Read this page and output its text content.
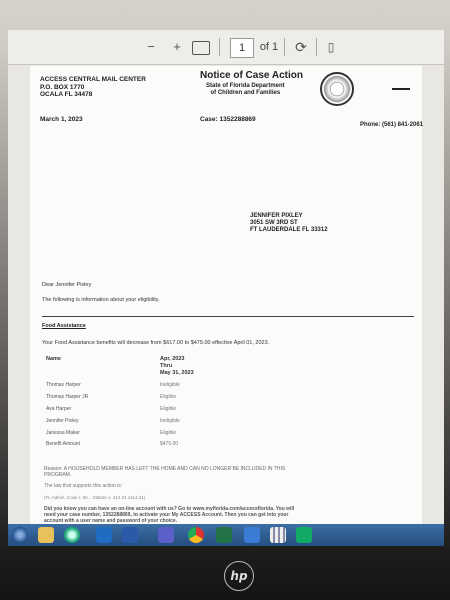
−	+	1	of 1 ⟳	▯
ACCESS CENTRAL MAIL CENTER
P.O. BOX 1770
OCALA FL 34478
Notice of Case Action
State of Florida Department
of Children and Families
March 1, 2023	Case: 1352288869
Phone: (561) 841-2061
JENNIFER PIXLEY
3051 SW 3RD ST
FT LAUDERDALE FL 33312
Dear Jennifer Pixley
The following is information about your eligibility.
Food Assistance
Your Food Assistance benefits will decrease from $617.00 to $475.00 effective April 01, 2023.
Name	Apr, 2023
Thru
May 31, 2023
Thomas Harper	Ineligible
Thomas Harper JR	Eligible
Ava Harper	Eligible
Jennifer Pixley	Ineligible
Janessa Maker	Eligible
Benefit Amount	$475.00
Reason: A HOUSEHOLD MEMBER HAS LEFT THE HOME AND CAN NO LONGER BE INCLUDED IN THIS
PROGRAM.
The law that supports this action is:
(FL Admin. Code r. 65... Statute s. 414.31 s414.31)
Did you know you can have an on-line account with us? Go to www.myflorida.com/accessflorida. You will
need your case number, 1352288869, to activate your My ACCESS Account. Then you can get into your
account with a user name and password of your choice.
hp
